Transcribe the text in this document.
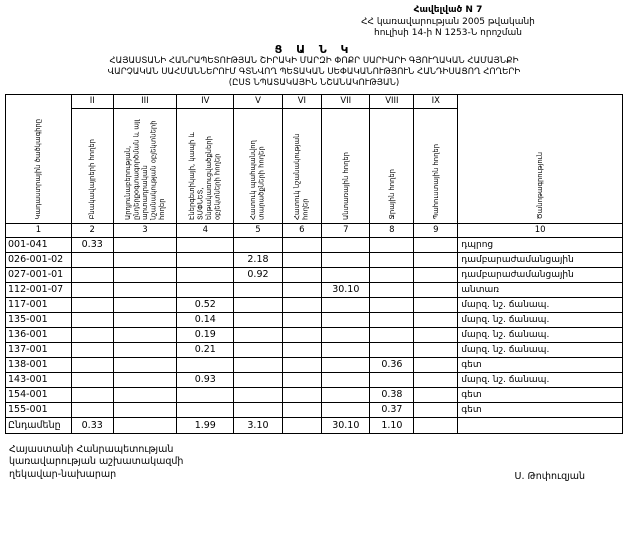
Հավելված N 7
ՀՀ կառավարության 2005 թվականի
հուլիսի 14-ի N 1253-Ն որոշման
Ց Ա Ն Կ
ՀԱՅԱՍՏԱՆԻ ՀԱՆՐԱՊԵՏՈՒԹՅԱՆ ՇԻՐԱԿԻ ՄԱՐԶԻ ՓՈՔՐ ՍԱՐԻԱՐԻ ԳՅՈՒՂԱԿԱՆ ՀԱՄԱՅՆՔԻ
ՎԱՐՉԱԿԱՆ ՍԱՀՄԱՆՆԵՐՈՒՄ ԳՏՆՎՈՂ ՊԵՏԱԿԱՆ ՍԵՓԱԿԱՆՈՒԹՅՈՒՆ ՀԱՆԴԻՍԱՑՈՂ ՀՈՂԵՐԻ
(ԸՍՏ ՆՊԱՏԱԿԱՅԻՆ ՆՇԱՆԱԿՈՒԹՅԱՆ)
Կադաստրային ծածկագիրը	II	III	IV	V	VI	VII	VIII	IX	Ծանոթագրություն
	Բնակավայրերի հողեր	Արդյունաբերության, ընդերքօգտագործման և այլ արտադրական նշանակության օբյեկտների հողեր	Էներգետիկայի, կապի և ՏՄՓՆԵՏ, ենթակառուցվածքների օբյեկտների հողեր	Հատուկ պահպանվող տարածքների հողեր	Հատուկ նշանակության հողեր	Անտառային հողեր	Ջրային հողեր	Պահուստային հողեր	
1	2	3	4	5	6	7	8	9	10
001-041	0.33								դպրոց
026-001-02				2.18					դամբարաժամանցային
027-001-01				0.92					դամբարաժամանցային
112-001-07						30.10			անտառ
117-001			0.52						մարզ. նշ. ճանապ.
135-001			0.14						մարզ. նշ. ճանապ.
136-001			0.19						մարզ. նշ. ճանապ.
137-001			0.21						մարզ. նշ. ճանապ.
138-001							0.36		գետ
143-001			0.93						մարզ. նշ. ճանապ.
154-001							0.38		գետ
155-001							0.37		գետ
Ընդամենը	0.33		1.99	3.10		30.10	1.10		
Հայաստանի Հանրապետության
կառավարության աշխատակազմի
ղեկավար-նախարար	Ս. Թոփուզյան
